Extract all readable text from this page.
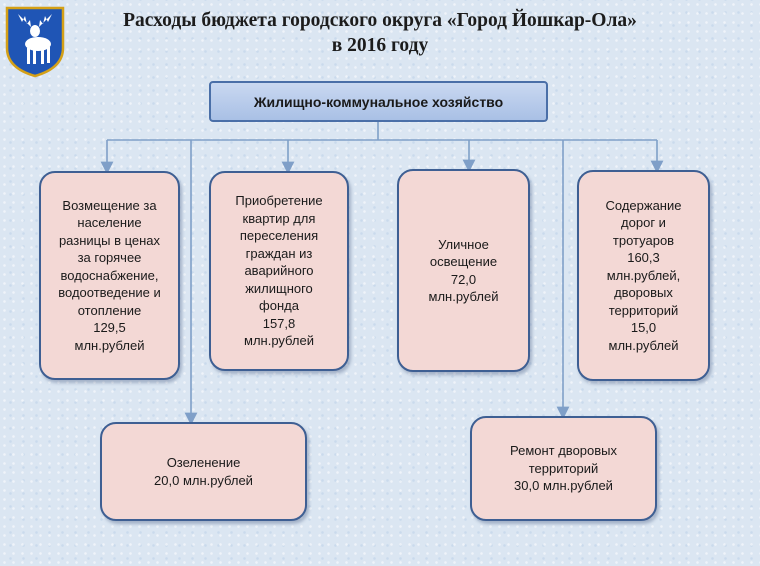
Расходы бюджета городского округа «Город Йошкар-Ола»
в 2016 году
Жилищно-коммунальное хозяйство
Возмещение за
население
разницы в ценах
за горячее
водоснабжение,
водоотведение и
отопление
129,5
млн.рублей
Приобретение
квартир для
переселения
граждан из
аварийного
жилищного
фонда
157,8
млн.рублей
Уличное
освещение
72,0
млн.рублей
Содержание
дорог и
тротуаров
160,3
млн.рублей,
дворовых
территорий
15,0
млн.рублей
Озеленение
20,0 млн.рублей
Ремонт дворовых
территорий
30,0 млн.рублей
